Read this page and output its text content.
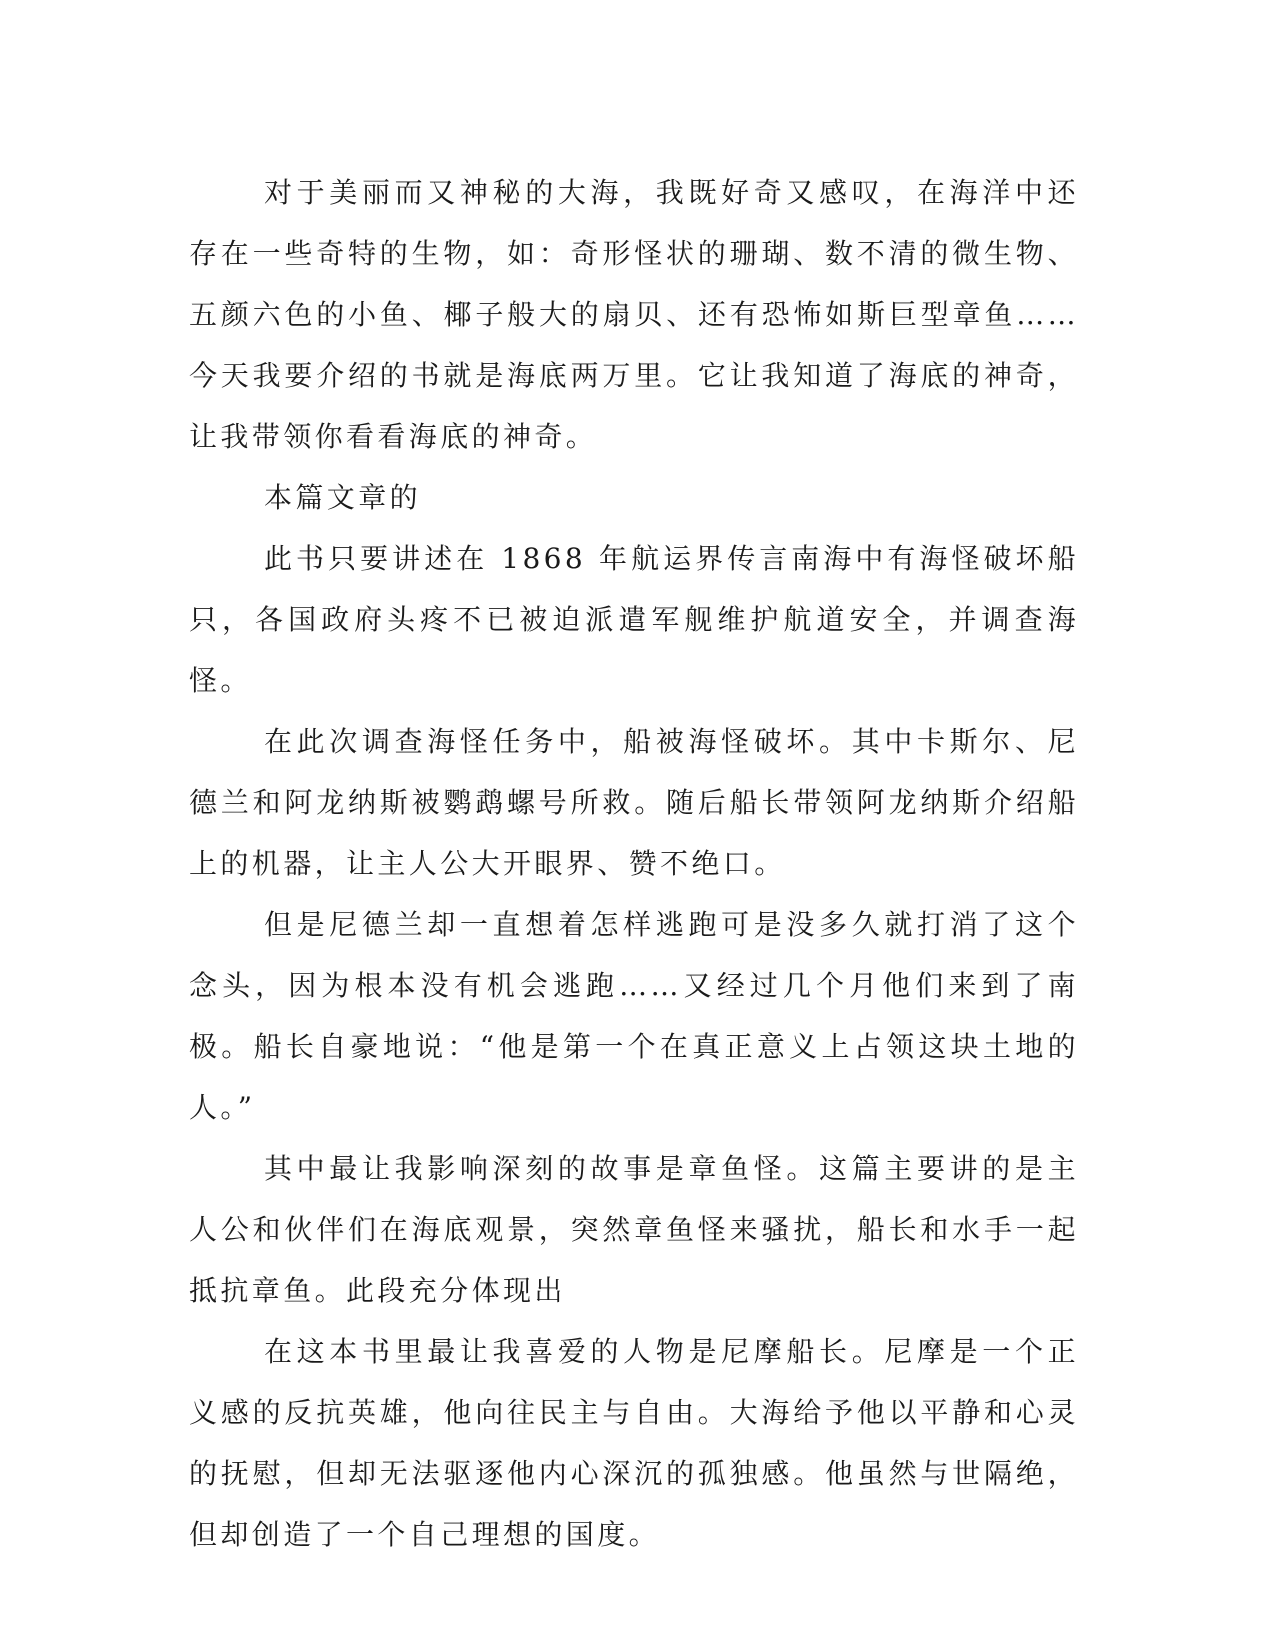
对于美丽而又神秘的大海，我既好奇又感叹，在海洋中还存在一些奇特的生物，如：奇形怪状的珊瑚、数不清的微生物、五颜六色的小鱼、椰子般大的扇贝、还有恐怖如斯巨型章鱼……今天我要介绍的书就是海底两万里。它让我知道了海底的神奇，让我带领你看看海底的神奇。

本篇文章的

此书只要讲述在 1868 年航运界传言南海中有海怪破坏船只，各国政府头疼不已被迫派遣军舰维护航道安全，并调查海怪。

在此次调查海怪任务中，船被海怪破坏。其中卡斯尔、尼德兰和阿龙纳斯被鹦鹉螺号所救。随后船长带领阿龙纳斯介绍船上的机器，让主人公大开眼界、赞不绝口。

但是尼德兰却一直想着怎样逃跑可是没多久就打消了这个念头，因为根本没有机会逃跑……又经过几个月他们来到了南极。船长自豪地说：“他是第一个在真正意义上占领这块土地的人。”

其中最让我影响深刻的故事是章鱼怪。这篇主要讲的是主人公和伙伴们在海底观景，突然章鱼怪来骚扰，船长和水手一起抵抗章鱼。此段充分体现出

在这本书里最让我喜爱的人物是尼摩船长。尼摩是一个正义感的反抗英雄，他向往民主与自由。大海给予他以平静和心灵的抚慰，但却无法驱逐他内心深沉的孤独感。他虽然与世隔绝，但却创造了一个自己理想的国度。
